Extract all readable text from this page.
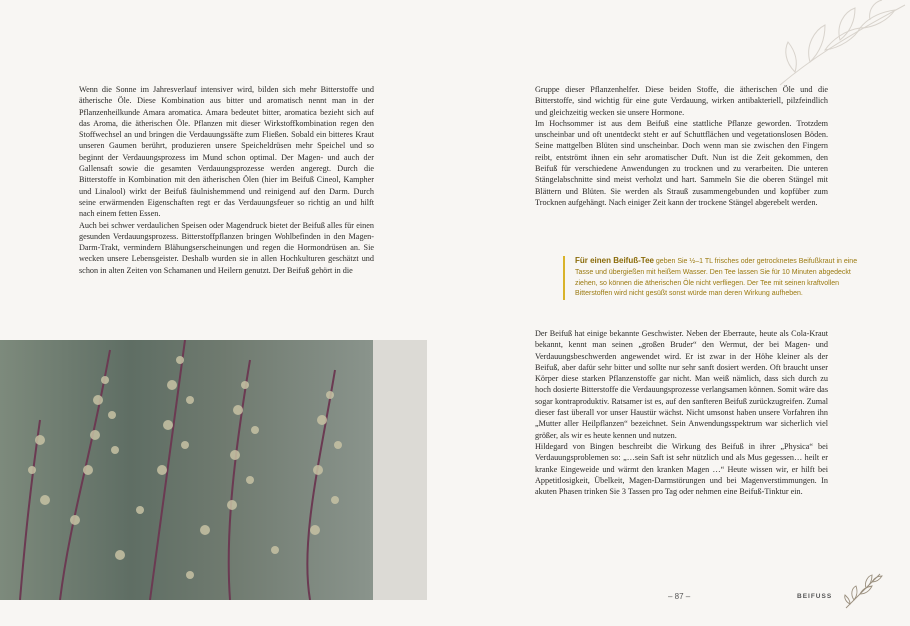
Wenn die Sonne im Jahresverlauf intensiver wird, bilden sich mehr Bitterstoffe und ätherische Öle. Diese Kombination aus bitter und aromatisch nennt man in der Pflanzenheilkunde Amara aromatica. Amara bedeutet bitter, aromatica bezieht sich auf das Aroma, die ätherischen Öle. Pflanzen mit dieser Wirkstoffkombination regen den Stoffwechsel an und bringen die Verdauungssäfte zum Fließen. Sobald ein bitteres Kraut unseren Gaumen berührt, produzieren unsere Speicheldrüsen mehr Speichel und so beginnt der Verdauungsprozess im Mund schon optimal. Der Magen- und auch der Gallensaft sowie die gesamten Verdauungsprozesse werden angeregt. Durch die Bitterstoffe in Kombination mit den ätherischen Ölen (hier im Beifuß Cineol, Kampher und Linalool) wirkt der Beifuß fäulnishemmend und reinigend auf den Darm. Durch seine erwärmenden Eigenschaften regt er das Verdauungsfeuer so richtig an und hilft nach einem fetten Essen.

Auch bei schwer verdaulichen Speisen oder Magendruck bietet der Beifuß alles für einen gesunden Verdauungsprozess. Bitterstoffpflanzen bringen Wohlbefinden in den Magen-Darm-Trakt, vermindern Blähungserscheinungen und regen die Hormondrüsen an. Sie wecken unsere Lebensgeister. Deshalb wurden sie in allen Hochkulturen geschätzt und schon in alten Zeiten von Schamanen und Heilern genutzt. Der Beifuß gehört in die

Gruppe dieser Pflanzenhelfer. Diese beiden Stoffe, die ätherischen Öle und die Bitterstoffe, sind wichtig für eine gute Verdauung, wirken antibakteriell, pilzfeindlich und gleichzeitig wecken sie unsere Hormone.

Im Hochsommer ist aus dem Beifuß eine stattliche Pflanze geworden. Trotzdem unscheinbar und oft unentdeckt steht er auf Schuttflächen und vegetationslosen Böden. Seine mattgelben Blüten sind unscheinbar. Doch wenn man sie zwischen den Fingern reibt, entströmt ihnen ein sehr aromatischer Duft. Nun ist die Zeit gekommen, den Beifuß für verschiedene Anwendungen zu trocknen und zu verarbeiten. Die unteren Stängelabschnitte sind meist verholzt und hart. Sammeln Sie die oberen Stängel mit Blättern und Blüten. Sie werden als Strauß zusammengebunden und kopfüber zum Trocknen aufgehängt. Nach einiger Zeit kann der trockene Stängel abgerebelt werden.

Für einen Beifuß-Tee geben Sie ½–1 TL frisches oder getrocknetes Beifußkraut in eine Tasse und übergießen mit heißem Wasser. Den Tee lassen Sie für 10 Minuten abgedeckt ziehen, so können die ätherischen Öle nicht verfliegen. Der Tee mit seinen kraftvollen Bitterstoffen wird nicht gesüßt sonst würde man deren Wirkung aufheben.

Der Beifuß hat einige bekannte Geschwister. Neben der Eberraute, heute als Cola-Kraut bekannt, kennt man seinen „großen Bruder“ den Wermut, der bei Magen- und Verdauungsbeschwerden angewendet wird. Er ist zwar in der Höhe kleiner als der Beifuß, aber dafür sehr bitter und sollte nur sehr sanft dosiert werden. Oft braucht unser Körper diese starken Pflanzenstoffe gar nicht. Man weiß nämlich, dass sich durch zu hoch dosierte Bitterstoffe die Verdauungsprozesse verlangsamen können. Somit wäre das sogar kontraproduktiv. Ratsamer ist es, auf den sanfteren Beifuß zurückzugreifen. Zumal dieser fast überall vor unser Haustür wächst. Nicht umsonst haben unsere Vorfahren ihn „Mutter aller Heilpflanzen“ bezeichnet. Sein Anwendungsspektrum war sicherlich viel größer, als wir es heute kennen und nutzen.

Hildegard von Bingen beschreibt die Wirkung des Beifuß in ihrer „Physica“ bei Verdauungsproblemen so: „…sein Saft ist sehr nützlich und als Mus gegessen… heilt er kranke Eingeweide und wärmt den kranken Magen …“ Heute wissen wir, er hilft bei Appetitlosigkeit, Übelkeit, Magen-Darmstörungen und bei Magenverstimmungen. In akuten Phasen trinken Sie 3 Tassen pro Tag oder nehmen eine Beifuß-Tinktur ein.

– 87 –	BEIFUSS
